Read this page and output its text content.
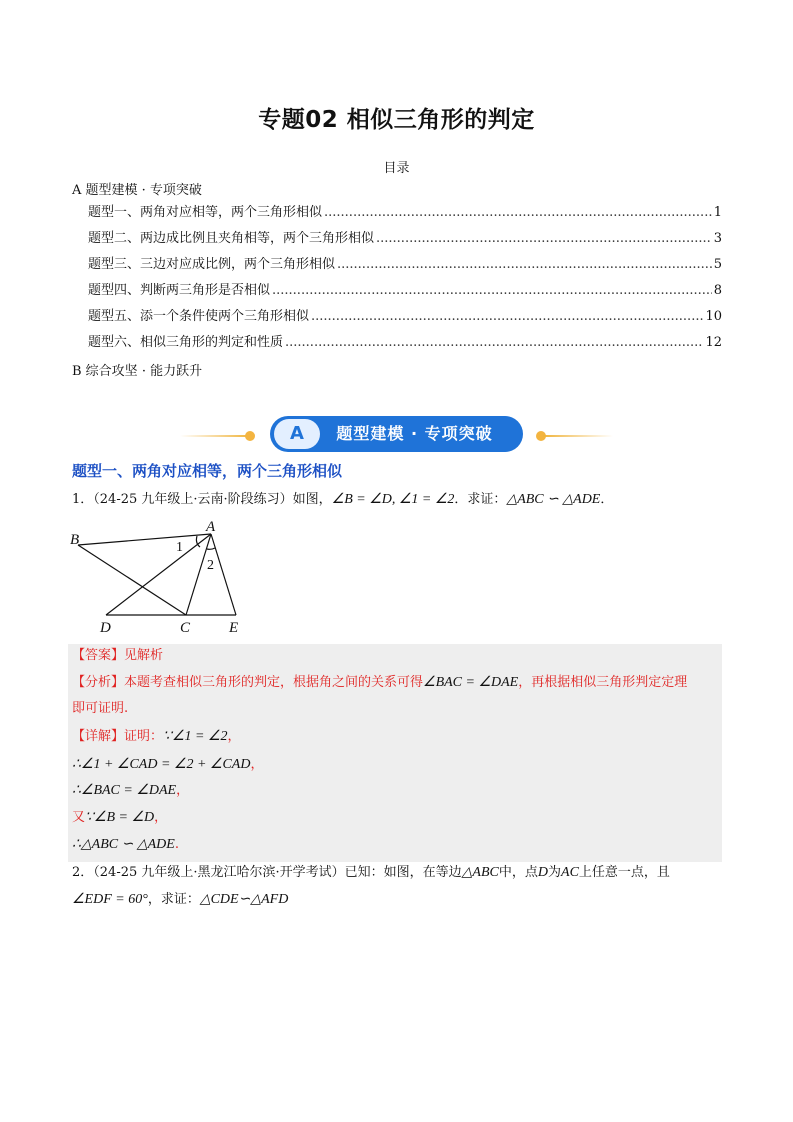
专题02 相似三角形的判定
目录
A 题型建模 · 专项突破
题型一、两角对应相等，两个三角形相似 .....	1
题型二、两边成比例且夹角相等，两个三角形相似 .....	3
题型三、三边对应成比例，两个三角形相似 .....	5
题型四、判断两三角形是否相似 .....	8
题型五、添一个条件使两个三角形相似 .....	10
题型六、相似三角形的判定和性质 .....	12
B 综合攻坚 · 能力跃升
A	题型建模 · 专项突破
题型一、两角对应相等，两个三角形相似
1．（24-25 九年级上·云南·阶段练习）如图，∠B = ∠D, ∠1 = ∠2．求证：△ABC ∽ △ADE．
B
A
D	C	E
1
2
【答案】见解析
【分析】本题考查相似三角形的判定，根据角之间的关系可得∠BAC = ∠DAE，再根据相似三角形判定定理
即可证明.
【详解】证明：∵∠1 = ∠2，
∴∠1 + ∠CAD = ∠2 + ∠CAD，
∴∠BAC = ∠DAE，
又∵∠B = ∠D，
∴△ABC ∽ △ADE.
2．（24-25 九年级上·黑龙江哈尔滨·开学考试）已知：如图，在等边△ABC中，点D为AC上任意一点，且
∠EDF = 60°，求证：△CDE∽△AFD
